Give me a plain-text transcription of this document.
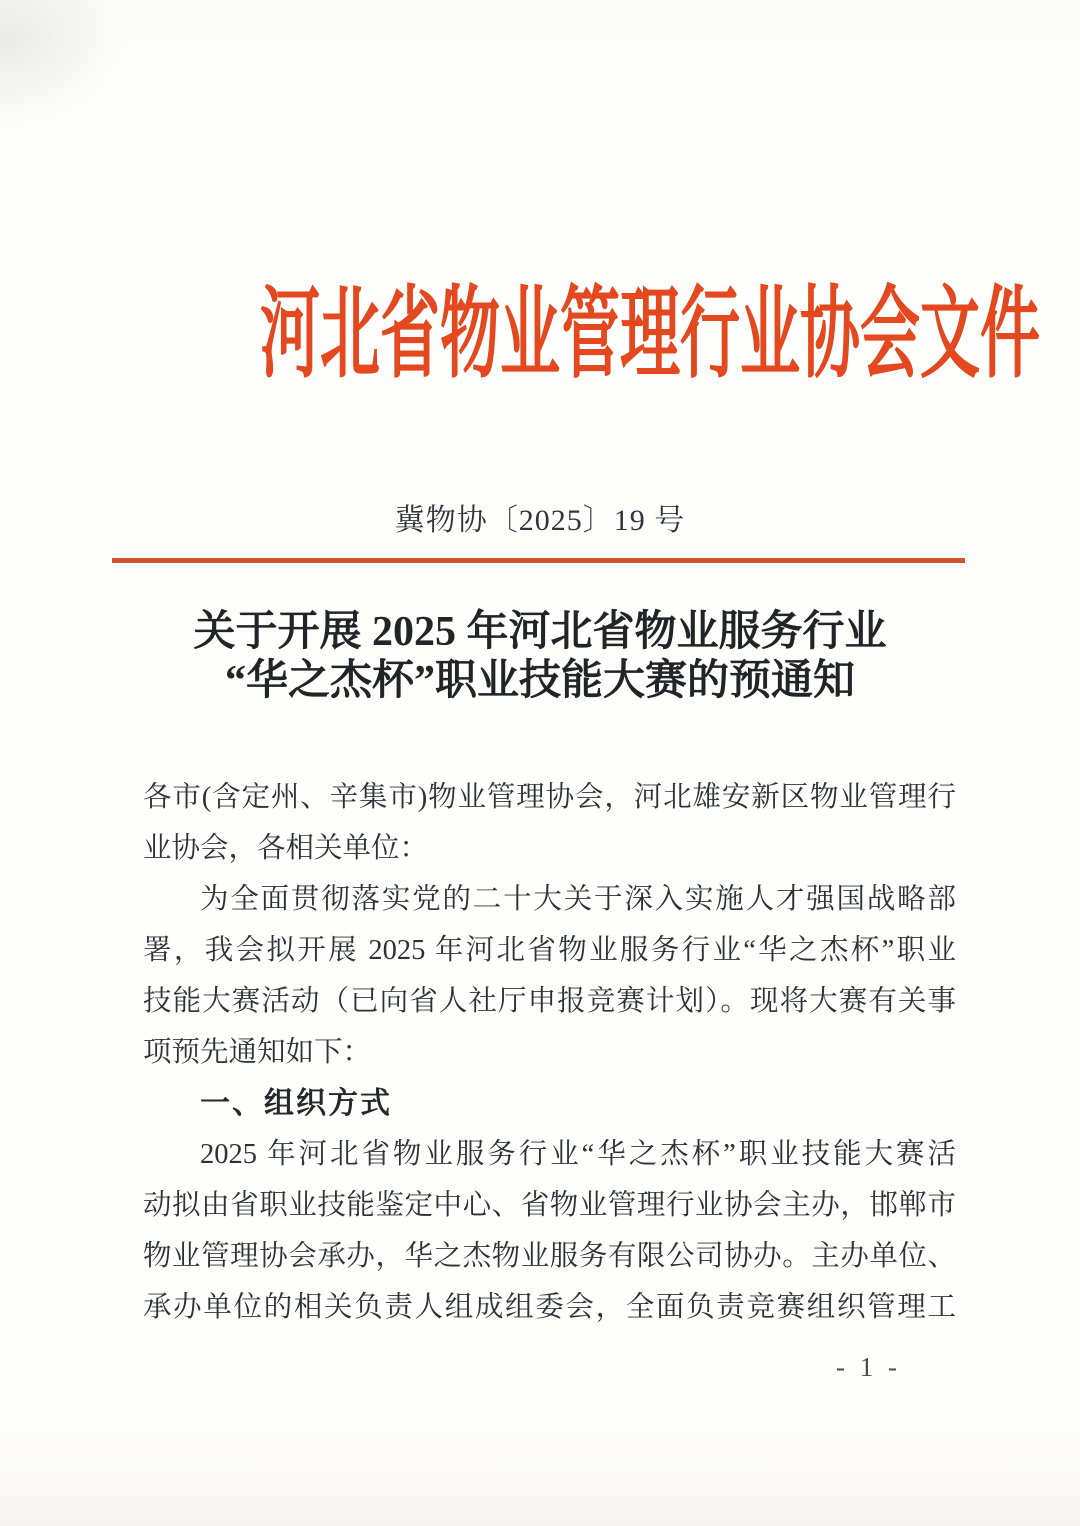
河北省物业管理行业协会文件
冀物协〔2025〕19 号
关于开展 2025 年河北省物业服务行业
“华之杰杯”职业技能大赛的预通知
各市(含定州、辛集市)物业管理协会，河北雄安新区物业管理行
业协会，各相关单位：
为全面贯彻落实党的二十大关于深入实施人才强国战略部
署，我会拟开展 2025 年河北省物业服务行业“华之杰杯”职业
技能大赛活动（已向省人社厅申报竞赛计划）。现将大赛有关事
项预先通知如下：
一、组织方式
2025 年河北省物业服务行业“华之杰杯”职业技能大赛活
动拟由省职业技能鉴定中心、省物业管理行业协会主办，邯郸市
物业管理协会承办，华之杰物业服务有限公司协办。主办单位、
承办单位的相关负责人组成组委会，全面负责竞赛组织管理工
- 1 -
